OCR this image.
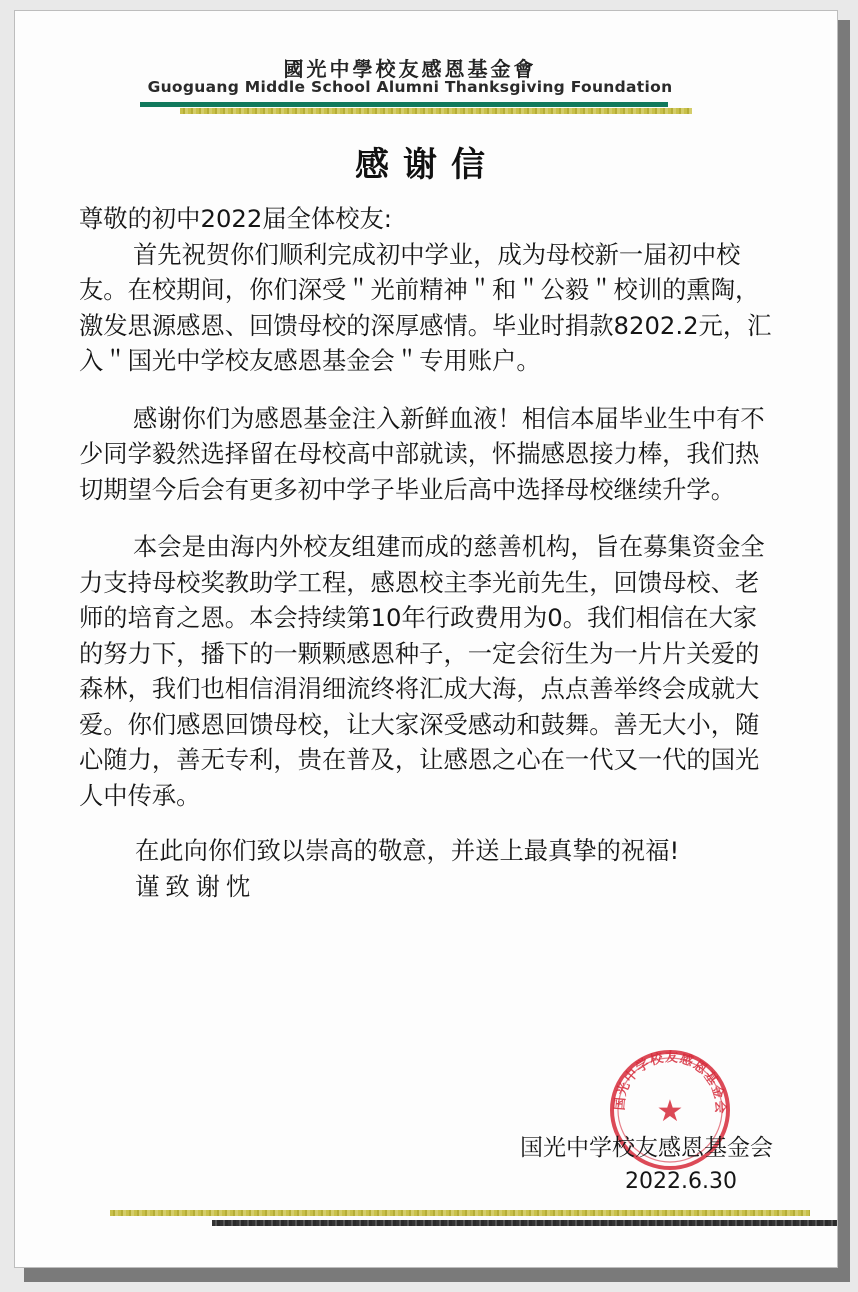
國光中學校友感恩基金會
Guoguang Middle School Alumni Thanksgiving Foundation
感谢信

尊敬的初中2022届全体校友:

首先祝贺你们顺利完成初中学业，成为母校新一届初中校友。在校期间，你们深受＂光前精神＂和＂公毅＂校训的熏陶，激发思源感恩、回馈母校的深厚感情。毕业时捐款8202.2元，汇入＂国光中学校友感恩基金会＂专用账户。

感谢你们为感恩基金注入新鲜血液！相信本届毕业生中有不少同学毅然选择留在母校高中部就读，怀揣感恩接力棒，我们热切期望今后会有更多初中学子毕业后高中选择母校继续升学。

本会是由海内外校友组建而成的慈善机构，旨在募集资金全力支持母校奖教助学工程，感恩校主李光前先生，回馈母校、老师的培育之恩。本会持续第10年行政费用为0。我们相信在大家的努力下，播下的一颗颗感恩种子，一定会衍生为一片片关爱的森林，我们也相信涓涓细流终将汇成大海，点点善举终会成就大爱。你们感恩回馈母校，让大家深受感动和鼓舞。善无大小，随心随力，善无专利，贵在普及，让感恩之心在一代又一代的国光人中传承。

在此向你们致以崇高的敬意，并送上最真挚的祝福!

谨致谢忱

国光中学校友感恩基金会
★
国光中学校友感恩基金会
2022.6.30
